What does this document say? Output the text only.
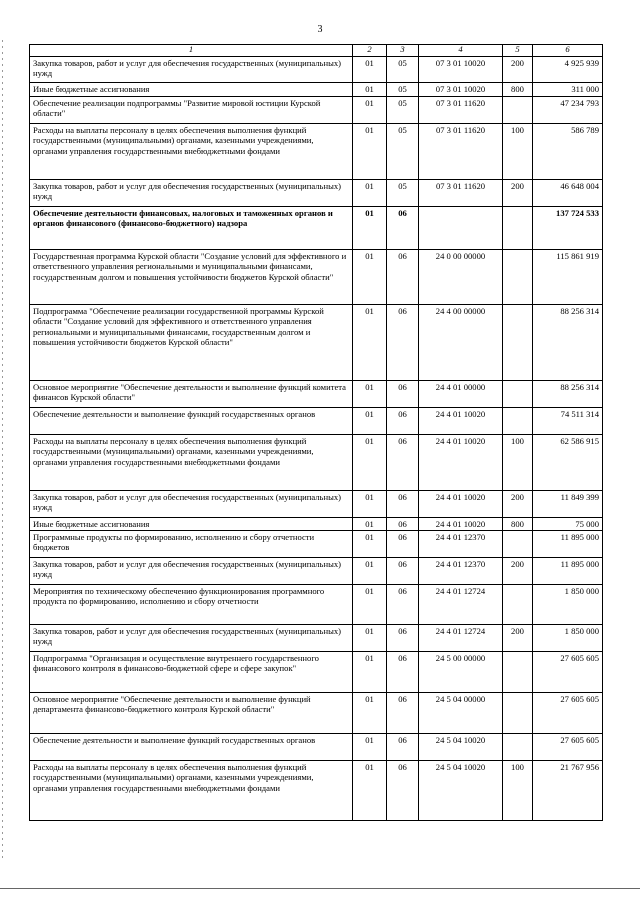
3
1	2	3	4	5	6
Закупка товаров, работ и услуг для обеспечения государственных (муниципальных) нужд	01	05	07 3 01 10020	200	4 925 939
Иные бюджетные ассигнования	01	05	07 3 01 10020	800	311 000
Обеспечение реализации подпрограммы "Развитие мировой юстиции Курской области"	01	05	07 3 01 11620		47 234 793
Расходы на выплаты персоналу в целях обеспечения выполнения функций государственными (муниципальными) органами, казенными учреждениями, органами управления государственными внебюджетными фондами	01	05	07 3 01 11620	100	586 789
Закупка товаров, работ и услуг для обеспечения государственных (муниципальных) нужд	01	05	07 3 01 11620	200	46 648 004
Обеспечение деятельности финансовых, налоговых и таможенных органов и органов финансового (финансово-бюджетного) надзора	01	06			137 724 533
Государственная программа Курской области "Создание условий для эффективного и ответственного управления региональными и муниципальными финансами, государственным долгом и повышения устойчивости бюджетов Курской области"	01	06	24 0 00 00000		115 861 919
Подпрограмма "Обеспечение реализации государственной программы Курской области "Создание условий для эффективного и ответственного управления региональными и муниципальными финансами, государственным долгом и повышения устойчивости бюджетов Курской области"	01	06	24 4 00 00000		88 256 314
Основное мероприятие "Обеспечение деятельности и выполнение функций комитета финансов Курской области"	01	06	24 4 01 00000		88 256 314
Обеспечение деятельности и выполнение функций государственных органов	01	06	24 4 01 10020		74 511 314
Расходы на выплаты персоналу в целях обеспечения выполнения функций государственными (муниципальными) органами, казенными учреждениями, органами управления государственными внебюджетными фондами	01	06	24 4 01 10020	100	62 586 915
Закупка товаров, работ и услуг для обеспечения государственных (муниципальных) нужд	01	06	24 4 01 10020	200	11 849 399
Иные бюджетные ассигнования	01	06	24 4 01 10020	800	75 000
Программные продукты по формированию, исполнению и сбору отчетности бюджетов	01	06	24 4 01 12370		11 895 000
Закупка товаров, работ и услуг для обеспечения государственных (муниципальных) нужд	01	06	24 4 01 12370	200	11 895 000
Мероприятия по техническому обеспечению функционирования программного продукта по формированию, исполнению и сбору отчетности	01	06	24 4 01 12724		1 850 000
Закупка товаров, работ и услуг для обеспечения государственных (муниципальных) нужд	01	06	24 4 01 12724	200	1 850 000
Подпрограмма "Организация и осуществление внутреннего государственного финансового контроля в финансово-бюджетной сфере и сфере закупок"	01	06	24 5 00 00000		27 605 605
Основное мероприятие "Обеспечение деятельности и выполнение функций департамента финансово-бюджетного контроля Курской области"	01	06	24 5 04 00000		27 605 605
Обеспечение деятельности и выполнение функций государственных органов	01	06	24 5 04 10020		27 605 605
Расходы на выплаты персоналу в целях обеспечения выполнения функций государственными (муниципальными) органами, казенными учреждениями, органами управления государственными внебюджетными фондами	01	06	24 5 04 10020	100	21 767 956
